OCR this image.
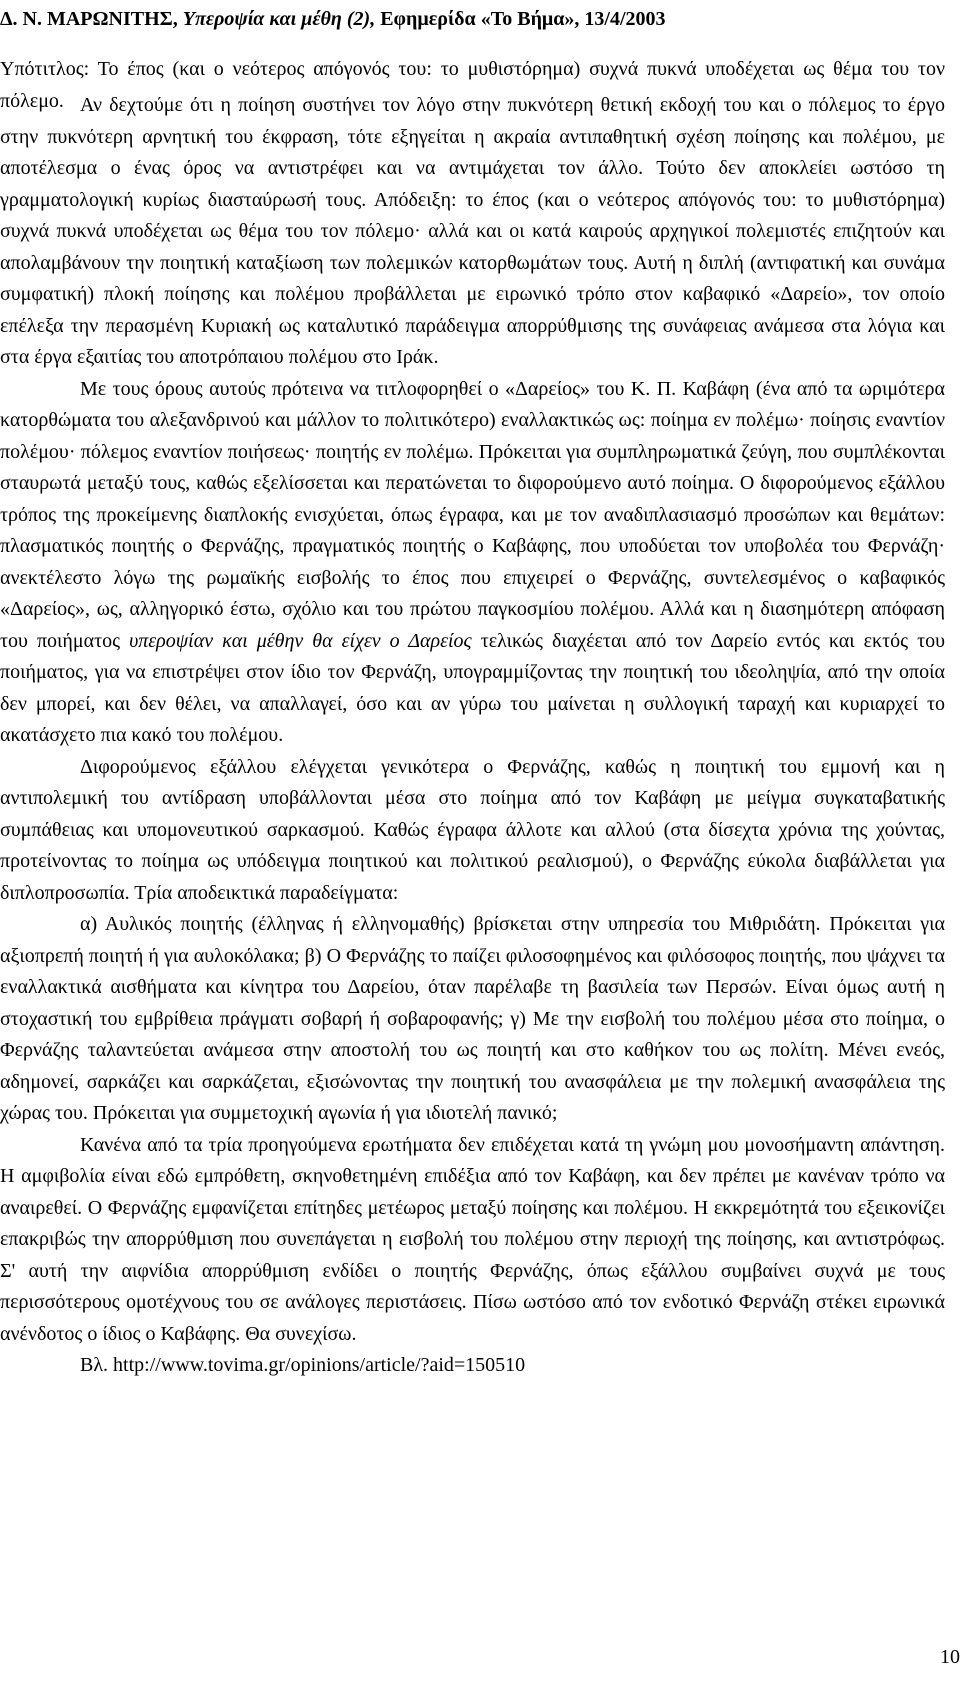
Δ. Ν. ΜΑΡΩΝΙΤΗΣ, Υπεροψία και μέθη (2), Εφημερίδα «Το Βήμα», 13/4/2003
Υπότιτλος: Το έπος (και ο νεότερος απόγονός του: το μυθιστόρημα) συχνά πυκνά υποδέχεται ως θέμα του τον πόλεμο. Αν δεχτούμε ότι η ποίηση συστήνει τον λόγο στην πυκνότερη θετική εκδοχή του και ο πόλεμος το έργο στην πυκνότερη αρνητική του έκφραση, τότε εξηγείται η ακραία αντιπαθητική σχέση ποίησης και πολέμου, με αποτέλεσμα ο ένας όρος να αντιστρέφει και να αντιμάχεται τον άλλο. Τούτο δεν αποκλείει ωστόσο τη γραμματολογική κυρίως διασταύρωσή τους. Απόδειξη: το έπος (και ο νεότερος απόγονός του: το μυθιστόρημα) συχνά πυκνά υποδέχεται ως θέμα του τον πόλεμο· αλλά και οι κατά καιρούς αρχηγικοί πολεμιστές επιζητούν και απολαμβάνουν την ποιητική καταξίωση των πολεμικών κατορθωμάτων τους. Αυτή η διπλή (αντιφατική και συνάμα συμφατική) πλοκή ποίησης και πολέμου προβάλλεται με ειρωνικό τρόπο στον καβαφικό «Δαρείο», τον οποίο επέλεξα την περασμένη Κυριακή ως καταλυτικό παράδειγμα απορρύθμισης της συνάφειας ανάμεσα στα λόγια και στα έργα εξαιτίας του αποτρόπαιου πολέμου στο Ιράκ.

Με τους όρους αυτούς πρότεινα να τιτλοφορηθεί ο «Δαρείος» του Κ. Π. Καβάφη (ένα από τα ωριμότερα κατορθώματα του αλεξανδρινού και μάλλον το πολιτικότερο) εναλλακτικώς ως: ποίημα εν πολέμω· ποίησις εναντίον πολέμου· πόλεμος εναντίον ποιήσεως· ποιητής εν πολέμω. Πρόκειται για συμπληρωματικά ζεύγη, που συμπλέκονται σταυρωτά μεταξύ τους, καθώς εξελίσσεται και περατώνεται το διφορούμενο αυτό ποίημα. Ο διφορούμενος εξάλλου τρόπος της προκείμενης διαπλοκής ενισχύεται, όπως έγραφα, και με τον αναδιπλασιασμό προσώπων και θεμάτων: πλασματικός ποιητής ο Φερνάζης, πραγματικός ποιητής ο Καβάφης, που υποδύεται τον υποβολέα του Φερνάζη· ανεκτέλεστο λόγω της ρωμαϊκής εισβολής το έπος που επιχειρεί ο Φερνάζης, συντελεσμένος ο καβαφικός «Δαρείος», ως, αλληγορικό έστω, σχόλιο και του πρώτου παγκοσμίου πολέμου. Αλλά και η διασημότερη απόφαση του ποιήματος υπεροψίαν και μέθην θα είχεν ο Δαρείος τελικώς διαχέεται από τον Δαρείο εντός και εκτός του ποιήματος, για να επιστρέψει στον ίδιο τον Φερνάζη, υπογραμμίζοντας την ποιητική του ιδεοληψία, από την οποία δεν μπορεί, και δεν θέλει, να απαλλαγεί, όσο και αν γύρω του μαίνεται η συλλογική ταραχή και κυριαρχεί το ακατάσχετο πια κακό του πολέμου.

Διφορούμενος εξάλλου ελέγχεται γενικότερα ο Φερνάζης, καθώς η ποιητική του εμμονή και η αντιπολεμική του αντίδραση υποβάλλονται μέσα στο ποίημα από τον Καβάφη με μείγμα συγκαταβατικής συμπάθειας και υπομονευτικού σαρκασμού. Καθώς έγραφα άλλοτε και αλλού (στα δίσεχτα χρόνια της χούντας, προτείνοντας το ποίημα ως υπόδειγμα ποιητικού και πολιτικού ρεαλισμού), ο Φερνάζης εύκολα διαβάλλεται για διπλοπροσωπία. Τρία αποδεικτικά παραδείγματα:

α) Αυλικός ποιητής (έλληνας ή ελληνομαθής) βρίσκεται στην υπηρεσία του Μιθριδάτη. Πρόκειται για αξιοπρεπή ποιητή ή για αυλοκόλακα; β) Ο Φερνάζης το παίζει φιλοσοφημένος και φιλόσοφος ποιητής, που ψάχνει τα εναλλακτικά αισθήματα και κίνητρα του Δαρείου, όταν παρέλαβε τη βασιλεία των Περσών. Είναι όμως αυτή η στοχαστική του εμβρίθεια πράγματι σοβαρή ή σοβαροφανής; γ) Με την εισβολή του πολέμου μέσα στο ποίημα, ο Φερνάζης ταλαντεύεται ανάμεσα στην αποστολή του ως ποιητή και στο καθήκον του ως πολίτη. Μένει ενεός, αδημονεί, σαρκάζει και σαρκάζεται, εξισώνοντας την ποιητική του ανασφάλεια με την πολεμική ανασφάλεια της χώρας του. Πρόκειται για συμμετοχική αγωνία ή για ιδιοτελή πανικό;

Κανένα από τα τρία προηγούμενα ερωτήματα δεν επιδέχεται κατά τη γνώμη μου μονοσήμαντη απάντηση. Η αμφιβολία είναι εδώ εμπρόθετη, σκηνοθετημένη επιδέξια από τον Καβάφη, και δεν πρέπει με κανέναν τρόπο να αναιρεθεί. Ο Φερνάζης εμφανίζεται επίτηδες μετέωρος μεταξύ ποίησης και πολέμου. Η εκκρεμότητά του εξεικονίζει επακριβώς την απορρύθμιση που συνεπάγεται η εισβολή του πολέμου στην περιοχή της ποίησης, και αντιστρόφως. Σ' αυτή την αιφνίδια απορρύθμιση ενδίδει ο ποιητής Φερνάζης, όπως εξάλλου συμβαίνει συχνά με τους περισσότερους ομοτέχνους του σε ανάλογες περιστάσεις. Πίσω ωστόσο από τον ενδοτικό Φερνάζη στέκει ειρωνικά ανένδοτος ο ίδιος ο Καβάφης. Θα συνεχίσω.

Βλ. http://www.tovima.gr/opinions/article/?aid=150510

10
